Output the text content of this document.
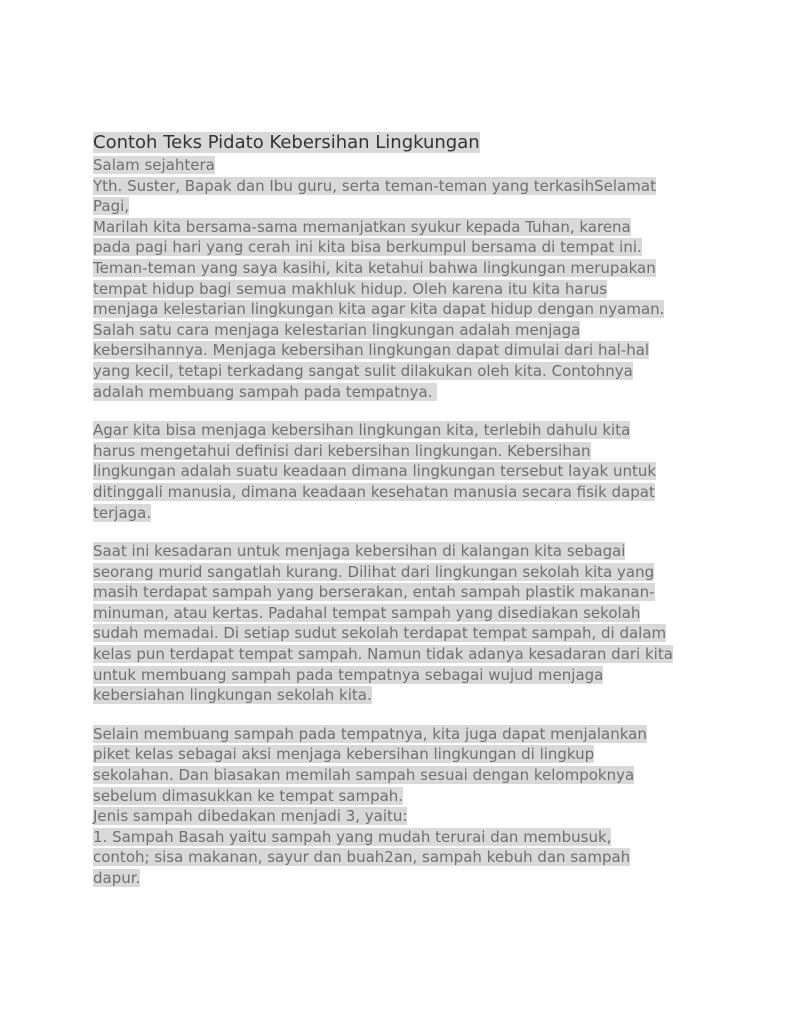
Contoh Teks Pidato Kebersihan Lingkungan
Salam sejahtera
Yth. Suster, Bapak dan Ibu guru, serta teman-teman yang terkasihSelamat
Pagi,
Marilah kita bersama-sama memanjatkan syukur kepada Tuhan, karena
pada pagi hari yang cerah ini kita bisa berkumpul bersama di tempat ini.
Teman-teman yang saya kasihi, kita ketahui bahwa lingkungan merupakan
tempat hidup bagi semua makhluk hidup. Oleh karena itu kita harus
menjaga kelestarian lingkungan kita agar kita dapat hidup dengan nyaman.
Salah satu cara menjaga kelestarian lingkungan adalah menjaga
kebersihannya. Menjaga kebersihan lingkungan dapat dimulai dari hal-hal
yang kecil, tetapi terkadang sangat sulit dilakukan oleh kita. Contohnya
adalah membuang sampah pada tempatnya.
Agar kita bisa menjaga kebersihan lingkungan kita, terlebih dahulu kita
harus mengetahui definisi dari kebersihan lingkungan. Kebersihan
lingkungan adalah suatu keadaan dimana lingkungan tersebut layak untuk
ditinggali manusia, dimana keadaan kesehatan manusia secara fisik dapat
terjaga.
Saat ini kesadaran untuk menjaga kebersihan di kalangan kita sebagai
seorang murid sangatlah kurang. Dilihat dari lingkungan sekolah kita yang
masih terdapat sampah yang berserakan, entah sampah plastik makanan-
minuman, atau kertas. Padahal tempat sampah yang disediakan sekolah
sudah memadai. Di setiap sudut sekolah terdapat tempat sampah, di dalam
kelas pun terdapat tempat sampah. Namun tidak adanya kesadaran dari kita
untuk membuang sampah pada tempatnya sebagai wujud menjaga
kebersiahan lingkungan sekolah kita.
Selain membuang sampah pada tempatnya, kita juga dapat menjalankan
piket kelas sebagai aksi menjaga kebersihan lingkungan di lingkup
sekolahan. Dan biasakan memilah sampah sesuai dengan kelompoknya
sebelum dimasukkan ke tempat sampah.
Jenis sampah dibedakan menjadi 3, yaitu:
1. Sampah Basah yaitu sampah yang mudah terurai dan membusuk,
contoh; sisa makanan, sayur dan buah2an, sampah kebuh dan sampah
dapur.
